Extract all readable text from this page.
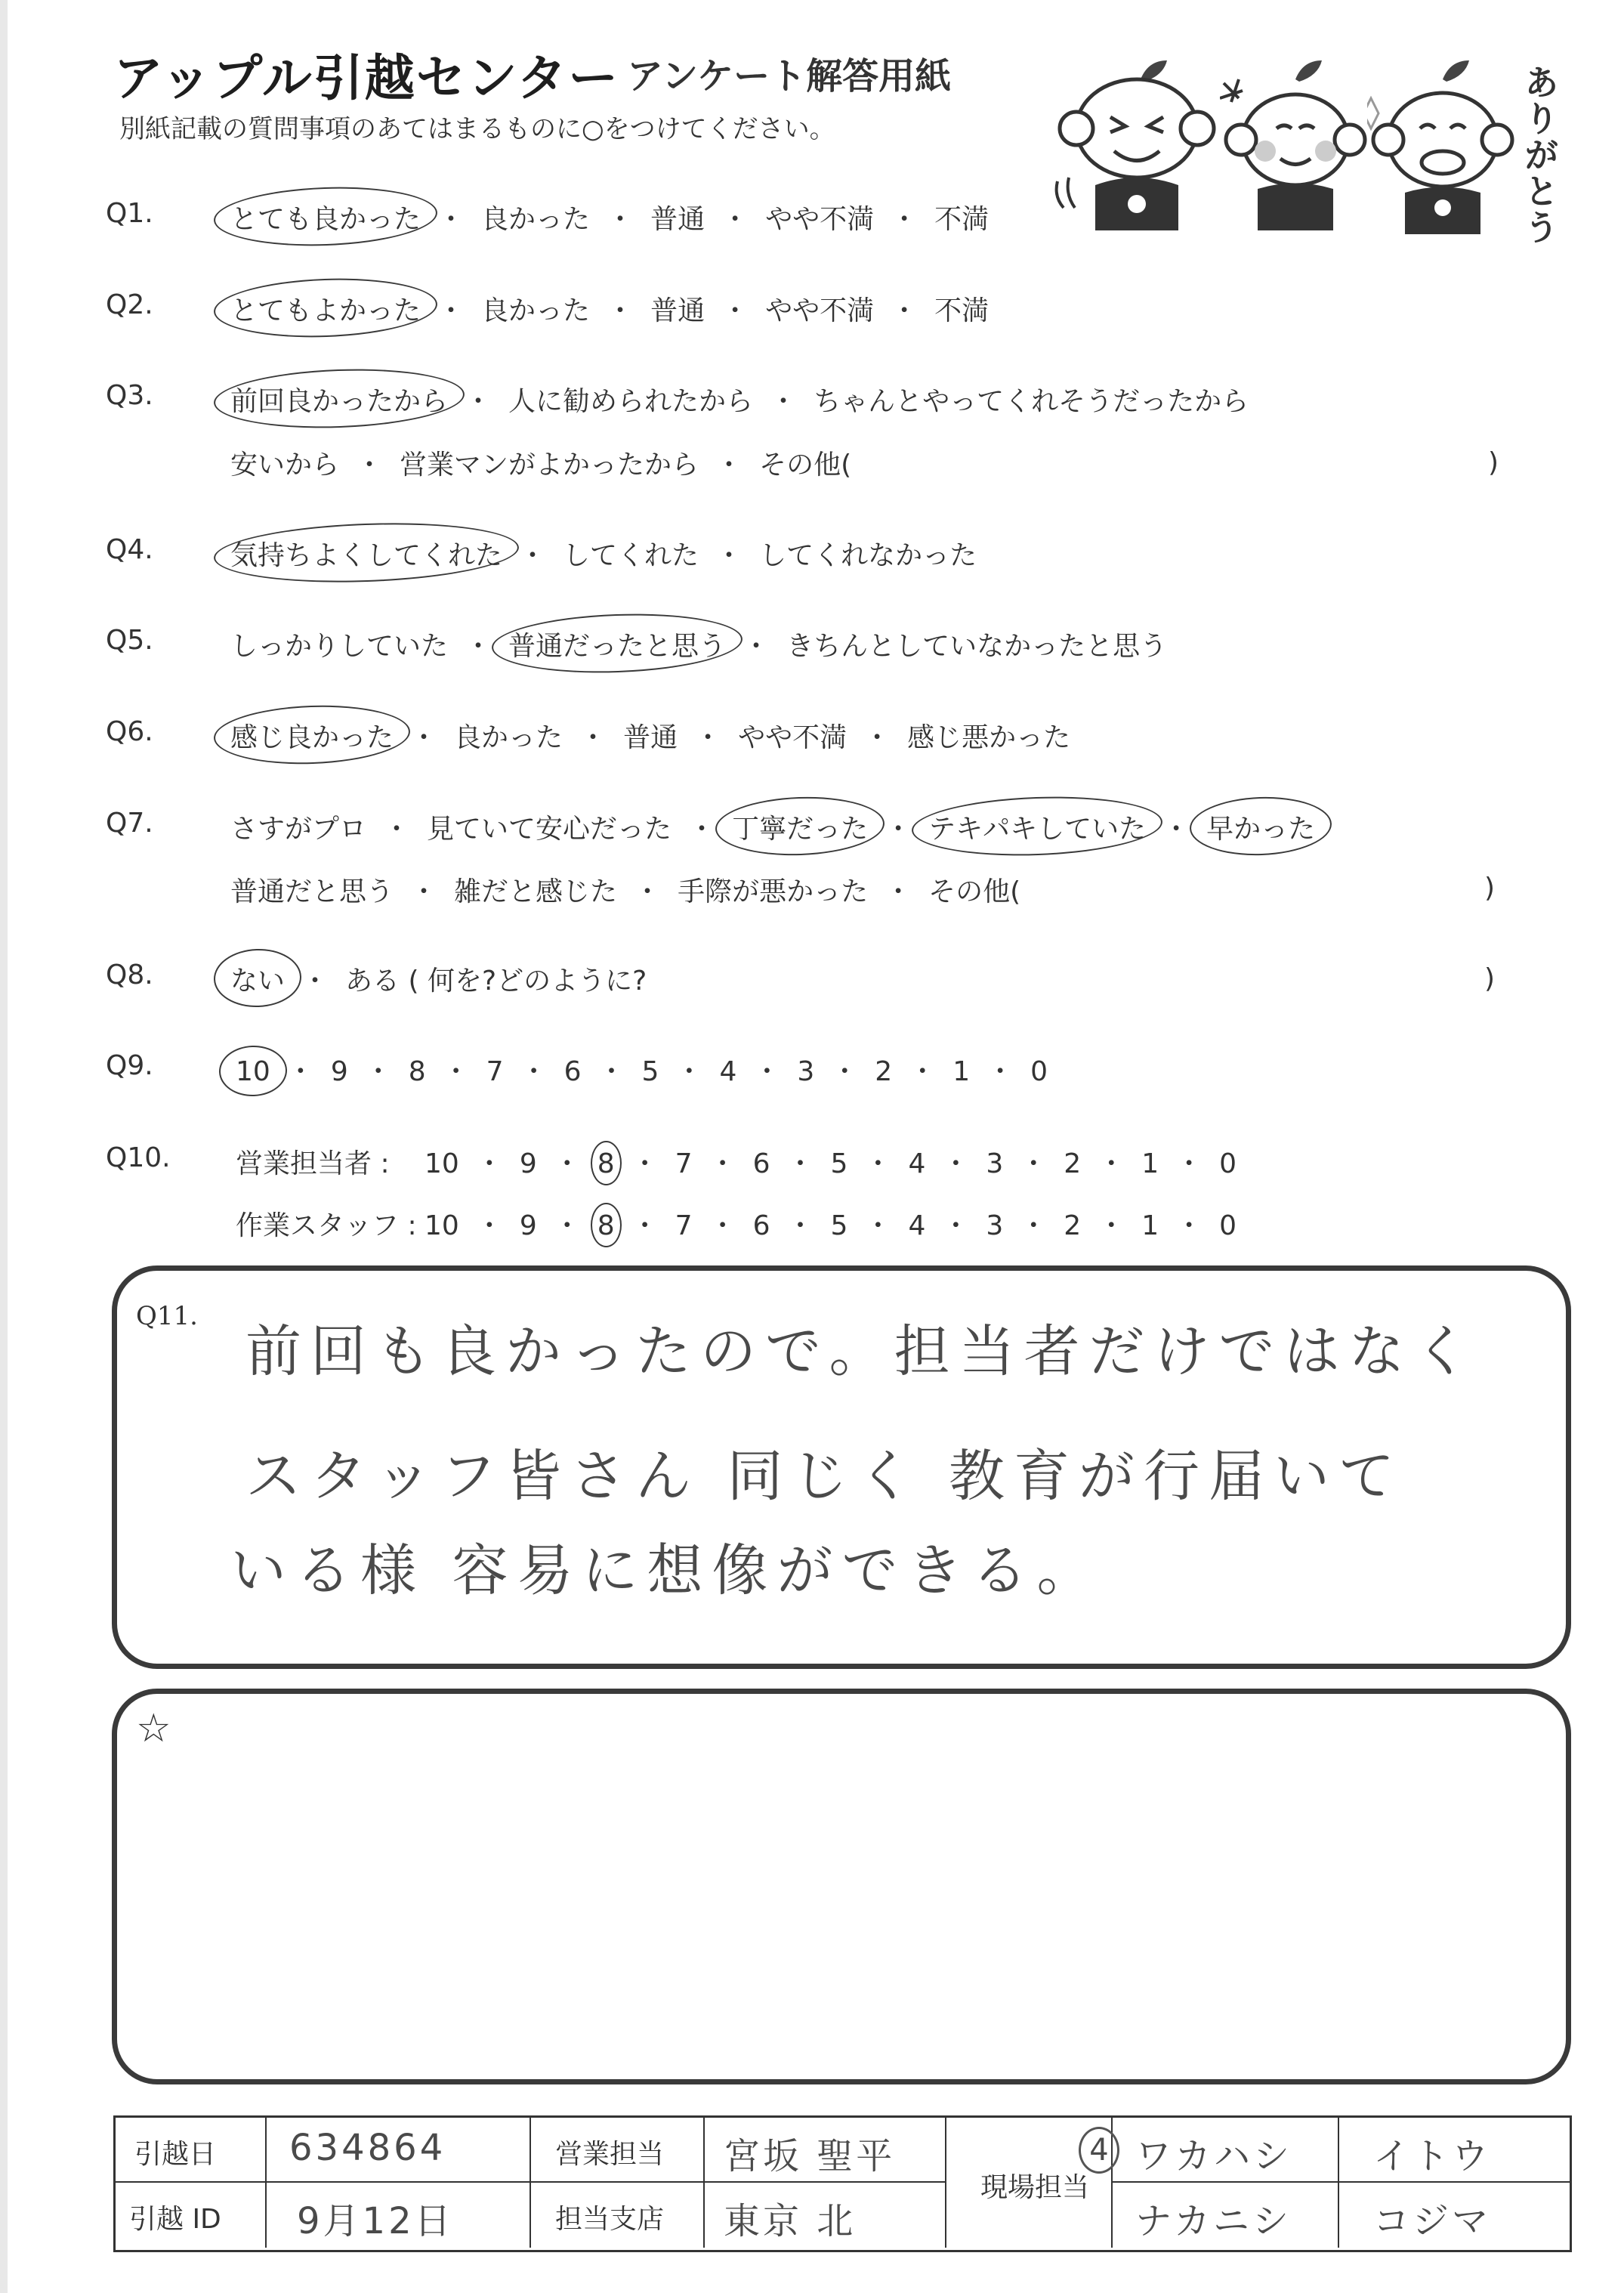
アップル引越センター アンケート解答用紙
別紙記載の質問事項のあてはまるものに○をつけてください。	ありがとう
Q1.	とても良かった ・ 良かった ・ 普通 ・ やや不満 ・ 不満
Q2.	とてもよかった ・ 良かった ・ 普通 ・ やや不満 ・ 不満
Q3.	前回良かったから ・ 人に勧められたから ・ ちゃんとやってくれそうだったから
安いから ・ 営業マンがよかったから ・ その他(	)
Q4.	気持ちよくしてくれた ・ してくれた ・ してくれなかった
Q5.	しっかりしていた ・ 普通だったと思う ・ きちんとしていなかったと思う
Q6.	感じ良かった ・ 良かった ・ 普通 ・ やや不満 ・ 感じ悪かった
Q7.	さすがプロ ・ 見ていて安心だった ・ 丁寧だった ・ テキパキしていた ・ 早かった
普通だと思う ・ 雑だと感じた ・ 手際が悪かった ・ その他(	)
Q8.	ない ・ ある ( 何を?どのように?	)
Q9.	10 ・ 9 ・ 8 ・ 7 ・ 6 ・ 5 ・ 4 ・ 3 ・ 2 ・ 1 ・ 0
Q10. 営業担当者 : 10 ・ 9 ・ 8 ・ 7 ・ 6 ・ 5 ・ 4 ・ 3 ・ 2 ・ 1 ・ 0
作業スタッフ : 10 ・ 9 ・ 8 ・ 7 ・ 6 ・ 5 ・ 4 ・ 3 ・ 2 ・ 1 ・ 0
Q11.
前回も良かったので。担当者だけではなく
スタッフ皆さん 同じく 教育が行届いて
いる様 容易に想像ができる。
☆
引越日 634864	営業担当 宮坂 聖平
引越 ID 9月12日	担当支店 東京 北
現場担当
4 ワカハシ イトウ
ナカニシ コジマ
